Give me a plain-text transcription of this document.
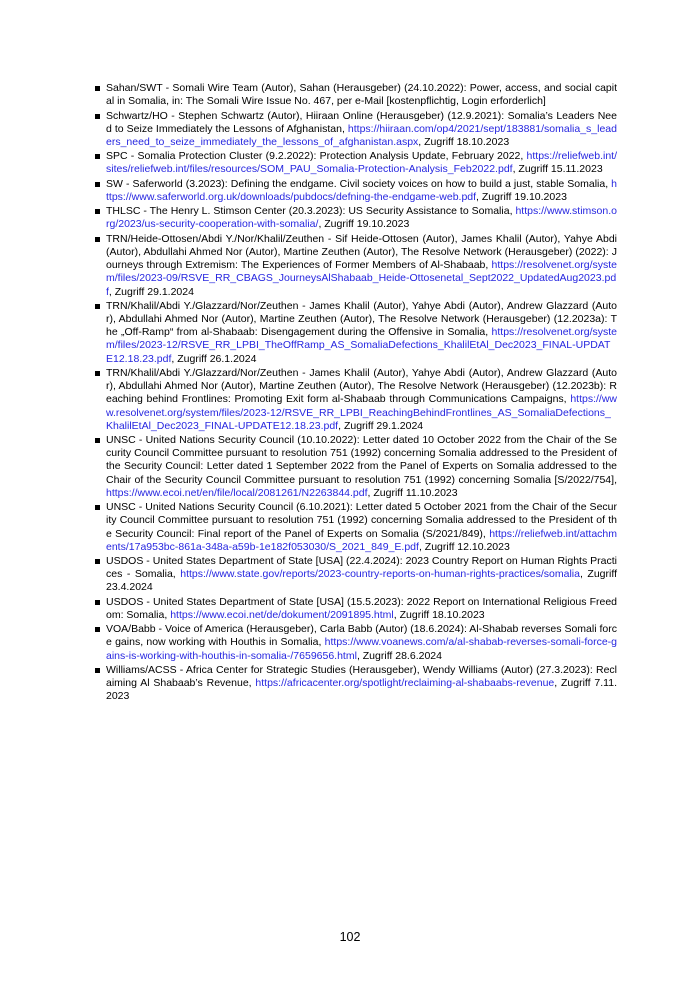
Sahan/SWT - Somali Wire Team (Autor), Sahan (Herausgeber) (24.10.2022): Power, access, and social capital in Somalia, in: The Somali Wire Issue No. 467, per e-Mail [kostenpflichtig, Login erforderlich]
Schwartz/HO - Stephen Schwartz (Autor), Hiiraan Online (Herausgeber) (12.9.2021): Somalia’s Leaders Need to Seize Immediately the Lessons of Afghanistan, https://hiiraan.com/op4/2021/sept/183881/somalia_s_leaders_need_to_seize_immediately_the_lessons_of_afghanistan.aspx, Zugriff 18.10.2023
SPC - Somalia Protection Cluster (9.2.2022): Protection Analysis Update, February 2022, https://reliefweb.int/sites/reliefweb.int/files/resources/SOM_PAU_Somalia-Protection-Analysis_Feb2022.pdf, Zugriff 15.11.2023
SW - Saferworld (3.2023): Defining the endgame. Civil society voices on how to build a just, stable Somalia, https://www.saferworld.org.uk/downloads/pubdocs/defning-the-endgame-web.pdf, Zugriff 19.10.2023
THLSC - The Henry L. Stimson Center (20.3.2023): US Security Assistance to Somalia, https://www.stimson.org/2023/us-security-cooperation-with-somalia/, Zugriff 19.10.2023
TRN/Heide-Ottosen/Abdi Y./Nor/Khalil/Zeuthen - Sif Heide-Ottosen (Autor), James Khalil (Autor), Yahye Abdi (Autor), Abdullahi Ahmed Nor (Autor), Martine Zeuthen (Autor), The Resolve Network (Herausgeber) (2022): Journeys through Extremism: The Experiences of Former Members of Al-Shabaab, https://resolvenet.org/system/files/2023-09/RSVE_RR_CBAGS_JourneysAlShabaab_Heide-Ottosenetal_Sept2022_UpdatedAug2023.pdf, Zugriff 29.1.2024
TRN/Khalil/Abdi Y./Glazzard/Nor/Zeuthen - James Khalil (Autor), Yahye Abdi (Autor), Andrew Glazzard (Autor), Abdullahi Ahmed Nor (Autor), Martine Zeuthen (Autor), The Resolve Network (Herausgeber) (12.2023a): The „Off-Ramp“ from al-Shabaab: Disengagement during the Offensive in Somalia, https://resolvenet.org/system/files/2023-12/RSVE_RR_LPBI_TheOffRamp_AS_SomaliaDefections_KhalilEtAl_Dec2023_FINAL-UPDATE12.18.23.pdf, Zugriff 26.1.2024
TRN/Khalil/Abdi Y./Glazzard/Nor/Zeuthen - James Khalil (Autor), Yahye Abdi (Autor), Andrew Glazzard (Autor), Abdullahi Ahmed Nor (Autor), Martine Zeuthen (Autor), The Resolve Network (Herausgeber) (12.2023b): Reaching behind Frontlines: Promoting Exit form al-Shabaab through Communications Campaigns, https://www.resolvenet.org/system/files/2023-12/RSVE_RR_LPBI_ReachingBehindFrontlines_AS_SomaliaDefections_KhalilEtAl_Dec2023_FINAL-UPDATE12.18.23.pdf, Zugriff 29.1.2024
UNSC - United Nations Security Council (10.10.2022): Letter dated 10 October 2022 from the Chair of the Security Council Committee pursuant to resolution 751 (1992) concerning Somalia addressed to the President of the Security Council: Letter dated 1 September 2022 from the Panel of Experts on Somalia addressed to the Chair of the Security Council Committee pursuant to resolution 751 (1992) concerning Somalia [S/2022/754], https://www.ecoi.net/en/file/local/2081261/N2263844.pdf, Zugriff 11.10.2023
UNSC - United Nations Security Council (6.10.2021): Letter dated 5 October 2021 from the Chair of the Security Council Committee pursuant to resolution 751 (1992) concerning Somalia addressed to the President of the Security Council: Final report of the Panel of Experts on Somalia (S/2021/849), https://reliefweb.int/attachments/17a953bc-861a-348a-a59b-1e182f053030/S_2021_849_E.pdf, Zugriff 12.10.2023
USDOS - United States Department of State [USA] (22.4.2024): 2023 Country Report on Human Rights Practices - Somalia, https://www.state.gov/reports/2023-country-reports-on-human-rights-practices/somalia, Zugriff 23.4.2024
USDOS - United States Department of State [USA] (15.5.2023): 2022 Report on International Religious Freedom: Somalia, https://www.ecoi.net/de/dokument/2091895.html, Zugriff 18.10.2023
VOA/Babb - Voice of America (Herausgeber), Carla Babb (Autor) (18.6.2024): Al-Shabab reverses Somali force gains, now working with Houthis in Somalia, https://www.voanews.com/a/al-shabab-reverses-somali-force-gains-is-working-with-houthis-in-somalia-/7659656.html, Zugriff 28.6.2024
Williams/ACSS - Africa Center for Strategic Studies (Herausgeber), Wendy Williams (Autor) (27.3.2023): Reclaiming Al Shabaab’s Revenue, https://africacenter.org/spotlight/reclaiming-al-shabaabs-revenue, Zugriff 7.11.2023
102
